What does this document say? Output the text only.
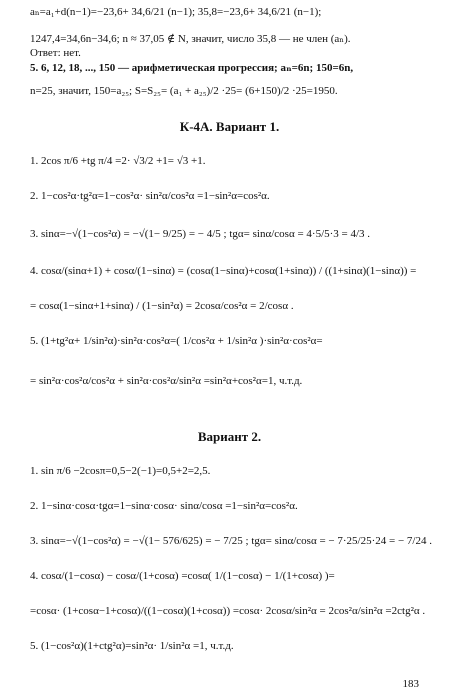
aₙ=a₁+d(n−1)=−23,6+ 34,6/21 (n−1); 35,8=−23,6+ 34,6/21 (n−1);
1247,4=34,6n−34,6; n ≈ 37,05 ∉ N, значит, число 35,8 — не член (aₙ).
Ответ: нет.
5. 6, 12, 18, ..., 150 — арифметическая прогрессия; aₙ=6n; 150=6n,
n=25, значит, 150=a₂₅; S=S₂₅= (a₁ + a₂₅)/2 ·25= (6+150)/2 ·25=1950.
К-4А. Вариант 1.
1. 2cos π/6 +tg π/4 =2· √3/2 +1= √3 +1.
2. 1−cos²α·tg²α=1−cos²α· sin²α/cos²α =1−sin²α=cos²α.
3. sinα=−√(1−cos²α) = −√(1− 9/25) = − 4/5 ; tgα= sinα/cosα = 4·5/5·3 = 4/3 .
4. cosα/(sinα+1) + cosα/(1−sinα) = (cosα(1−sinα)+cosα(1+sinα)) / ((1+sinα)(1−sinα)) =
= cosα(1−sinα+1+sinα) / (1−sin²α) = 2cosα/cos²α = 2/cosα .
5. (1+tg²α+ 1/sin²α)·sin²α·cos²α=( 1/cos²α + 1/sin²α )·sin²α·cos²α=
= sin²α·cos²α/cos²α + sin²α·cos²α/sin²α =sin²α+cos²α=1, ч.т.д.
Вариант 2.
1. sin π/6 −2cosπ=0,5−2(−1)=0,5+2=2,5.
2. 1−sinα·cosα·tgα=1−sinα·cosα· sinα/cosα =1−sin²α=cos²α.
3. sinα=−√(1−cos²α) = −√(1− 576/625) = − 7/25 ; tgα= sinα/cosα = − 7·25/25·24 = − 7/24 .
4. cosα/(1−cosα) − cosα/(1+cosα) =cosα( 1/(1−cosα) − 1/(1+cosα) )=
=cosα· (1+cosα−1+cosα)/((1−cosα)(1+cosα)) =cosα· 2cosα/sin²α = 2cos²α/sin²α =2ctg²α .
5. (1−cos²α)(1+ctg²α)=sin²α· 1/sin²α =1, ч.т.д.
183
